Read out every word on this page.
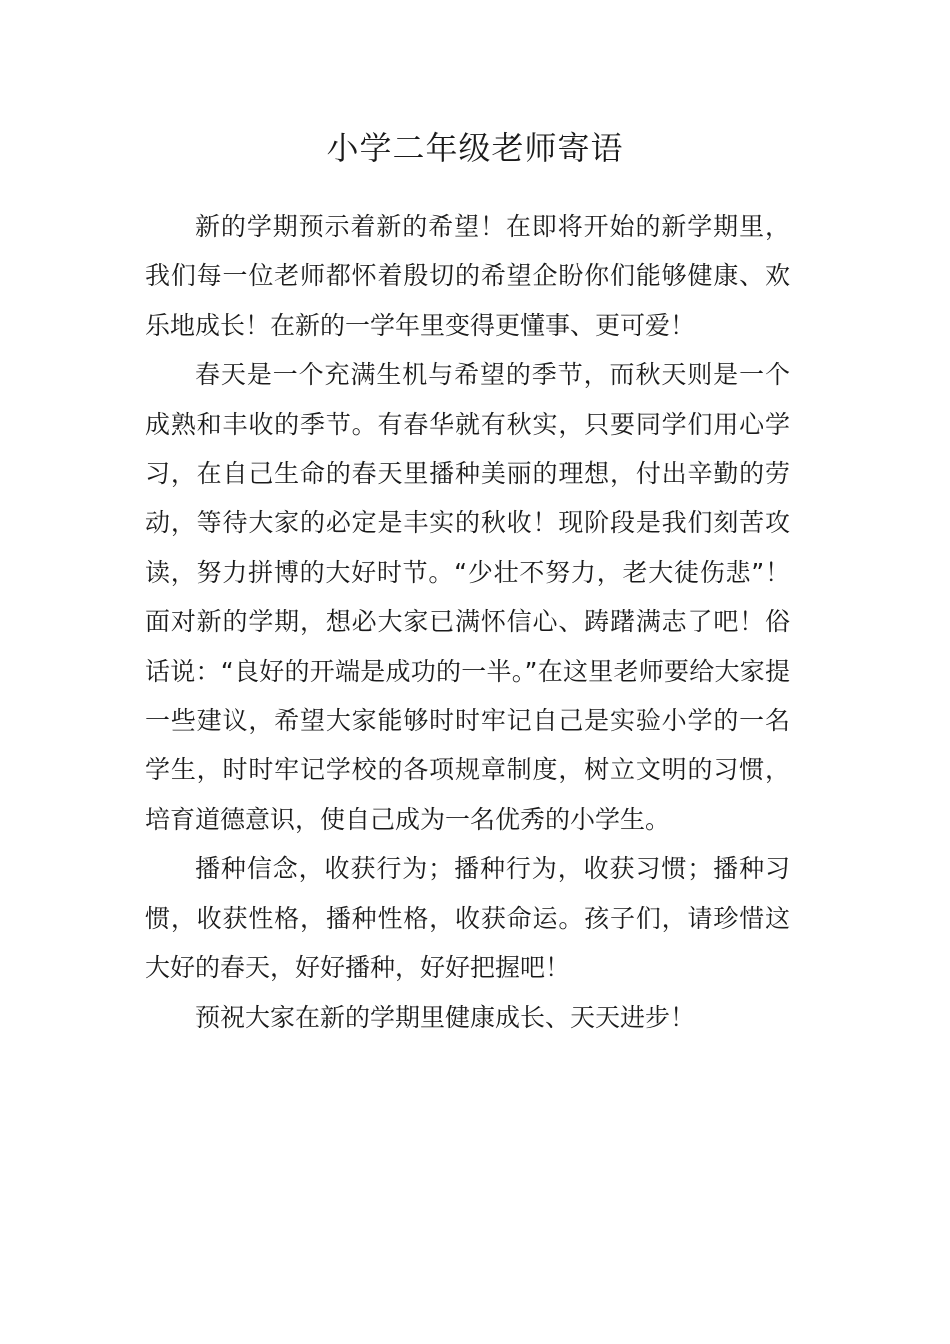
小学二年级老师寄语

新的学期预示着新的希望！在即将开始的新学期里，我们每一位老师都怀着殷切的希望企盼你们能够健康、欢乐地成长！在新的一学年里变得更懂事、更可爱！

春天是一个充满生机与希望的季节，而秋天则是一个成熟和丰收的季节。有春华就有秋实，只要同学们用心学习，在自己生命的春天里播种美丽的理想，付出辛勤的劳动，等待大家的必定是丰实的秋收！现阶段是我们刻苦攻读，努力拼博的大好时节。“少壮不努力，老大徒伤悲”！ 面对新的学期，想必大家已满怀信心、踌躇满志了吧！俗话说：“良好的开端是成功的一半。”在这里老师要给大家提一些建议，希望大家能够时时牢记自己是实验小学的一名学生，时时牢记学校的各项规章制度，树立文明的习惯，培育道德意识，使自己成为一名优秀的小学生。

播种信念，收获行为；播种行为，收获习惯；播种习惯，收获性格，播种性格，收获命运。孩子们，请珍惜这大好的春天，好好播种，好好把握吧！

预祝大家在新的学期里健康成长、天天进步！
